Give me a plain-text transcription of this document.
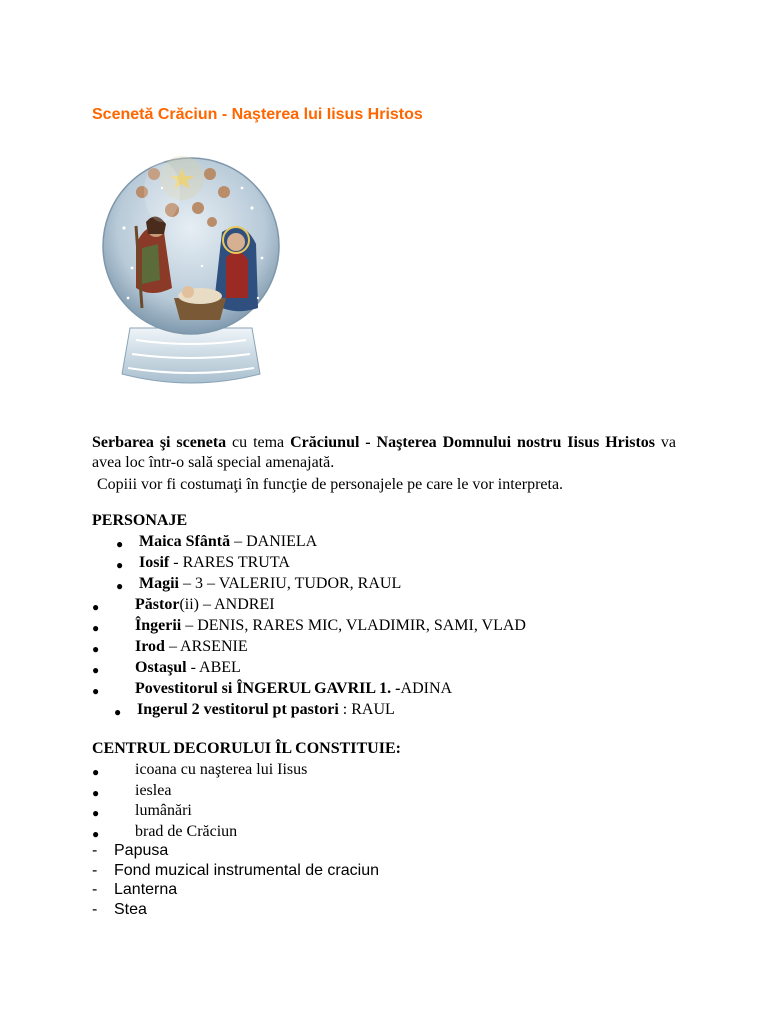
Scenetă Crăciun - Naşterea lui Iisus Hristos

Serbarea şi sceneta cu tema Crăciunul - Naşterea Domnului nostru Iisus Hristos va avea loc într-o sală special amenajată.

Copiii vor fi costumaţi în funcţie de personajele pe care le vor interpreta.

PERSONAJE
● Maica Sfântă – DANIELA
● Iosif - RARES TRUTA
● Magii – 3 – VALERIU, TUDOR, RAUL
● Păstor(ii) – ANDREI
● Îngerii – DENIS, RARES MIC, VLADIMIR, SAMI, VLAD
● Irod – ARSENIE
● Ostaşul - ABEL
● Povestitorul si ÎNGERUL GAVRIL 1. -ADINA
● Ingerul 2 vestitorul pt pastori : RAUL
CENTRUL DECORULUI ÎL CONSTITUIE:
● icoana cu naşterea lui Iisus
● ieslea
● lumânări
● brad de Crăciun
- Papusa
- Fond muzical instrumental de craciun
- Lanterna
- Stea
